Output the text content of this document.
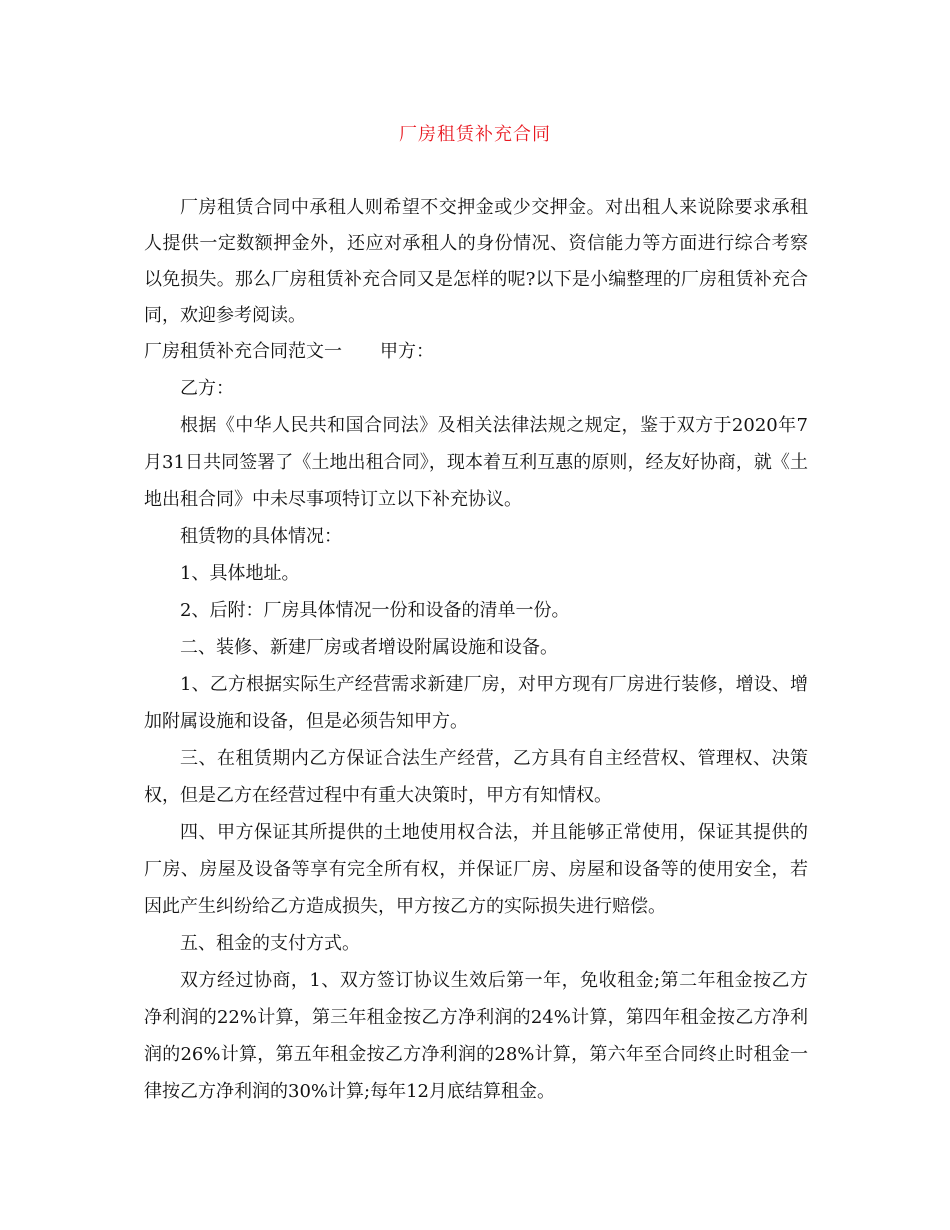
厂房租赁补充合同

厂房租赁合同中承租人则希望不交押金或少交押金。对出租人来说除要求承租人提供一定数额押金外，还应对承租人的身份情况、资信能力等方面进行综合考察以免损失。那么厂房租赁补充合同又是怎样的呢?以下是小编整理的厂房租赁补充合同，欢迎参考阅读。

厂房租赁补充合同范文一 甲方：

乙方：

根据《中华人民共和国合同法》及相关法律法规之规定，鉴于双方于2020年7月31日共同签署了《土地出租合同》，现本着互利互惠的原则，经友好协商，就《土地出租合同》中未尽事项特订立以下补充协议。

租赁物的具体情况：

1、具体地址。

2、后附：厂房具体情况一份和设备的清单一份。

二、装修、新建厂房或者增设附属设施和设备。

1、乙方根据实际生产经营需求新建厂房，对甲方现有厂房进行装修，增设、增加附属设施和设备，但是必须告知甲方。

三、在租赁期内乙方保证合法生产经营，乙方具有自主经营权、管理权、决策权，但是乙方在经营过程中有重大决策时，甲方有知情权。

四、甲方保证其所提供的土地使用权合法，并且能够正常使用，保证其提供的厂房、房屋及设备等享有完全所有权，并保证厂房、房屋和设备等的使用安全，若因此产生纠纷给乙方造成损失，甲方按乙方的实际损失进行赔偿。

五、租金的支付方式。

双方经过协商，1、双方签订协议生效后第一年，免收租金;第二年租金按乙方净利润的22%计算，第三年租金按乙方净利润的24%计算，第四年租金按乙方净利润的26%计算，第五年租金按乙方净利润的28%计算，第六年至合同终止时租金一律按乙方净利润的30%计算;每年12月底结算租金。
